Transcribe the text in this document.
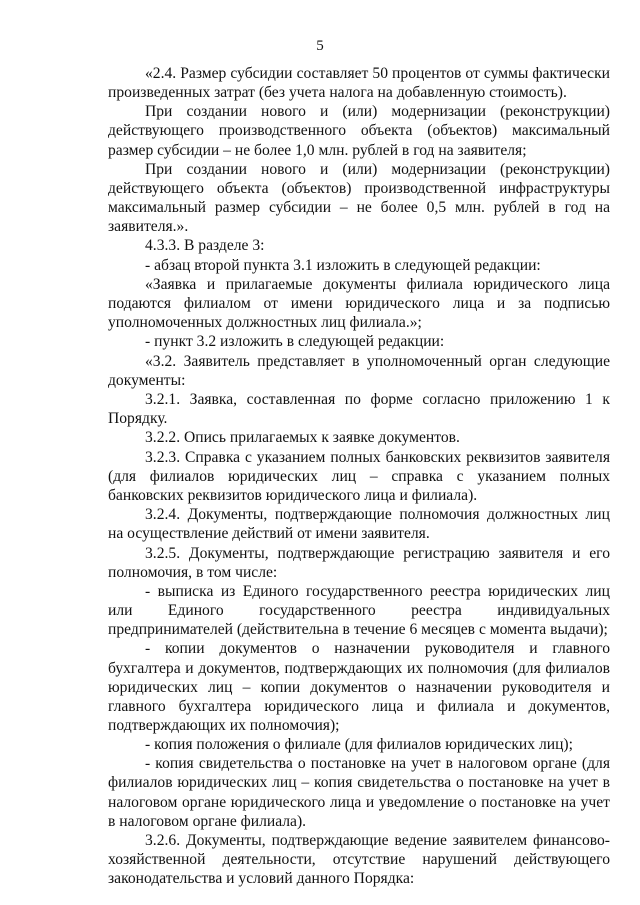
5

«2.4. Размер субсидии составляет 50 процентов от суммы фактически произведенных затрат (без учета налога на добавленную стоимость).

При создании нового и (или) модернизации (реконструкции) действующего производственного объекта (объектов) максимальный размер субсидии – не более 1,0 млн. рублей в год на заявителя;

При создании нового и (или) модернизации (реконструкции) действующего объекта (объектов) производственной инфраструктуры максимальный размер субсидии – не более 0,5 млн. рублей в год на заявителя.».

4.3.3. В разделе 3:

- абзац второй пункта 3.1 изложить в следующей редакции:

«Заявка и прилагаемые документы филиала юридического лица подаются филиалом от имени юридического лица и за подписью уполномоченных должностных лиц филиала.»;

- пункт 3.2 изложить в следующей редакции:

«3.2. Заявитель представляет в уполномоченный орган следующие документы:

3.2.1. Заявка, составленная по форме согласно приложению 1 к Порядку.

3.2.2. Опись прилагаемых к заявке документов.

3.2.3. Справка с указанием полных банковских реквизитов заявителя (для филиалов юридических лиц – справка с указанием полных банковских реквизитов юридического лица и филиала).

3.2.4. Документы, подтверждающие полномочия должностных лиц на осуществление действий от имени заявителя.

3.2.5. Документы, подтверждающие регистрацию заявителя и его полномочия, в том числе:

- выписка из Единого государственного реестра юридических лиц или Единого государственного реестра индивидуальных предпринимателей (действительна в течение 6 месяцев с момента выдачи);

- копии документов о назначении руководителя и главного бухгалтера и документов, подтверждающих их полномочия (для филиалов юридических лиц – копии документов о назначении руководителя и главного бухгалтера юридического лица и филиала и документов, подтверждающих их полномочия);

- копия положения о филиале (для филиалов юридических лиц);

- копия свидетельства о постановке на учет в налоговом органе (для филиалов юридических лиц – копия свидетельства о постановке на учет в налоговом органе юридического лица и уведомление о постановке на учет в налоговом органе филиала).

3.2.6. Документы, подтверждающие ведение заявителем финансово-хозяйственной деятельности, отсутствие нарушений действующего законодательства и условий данного Порядка:
